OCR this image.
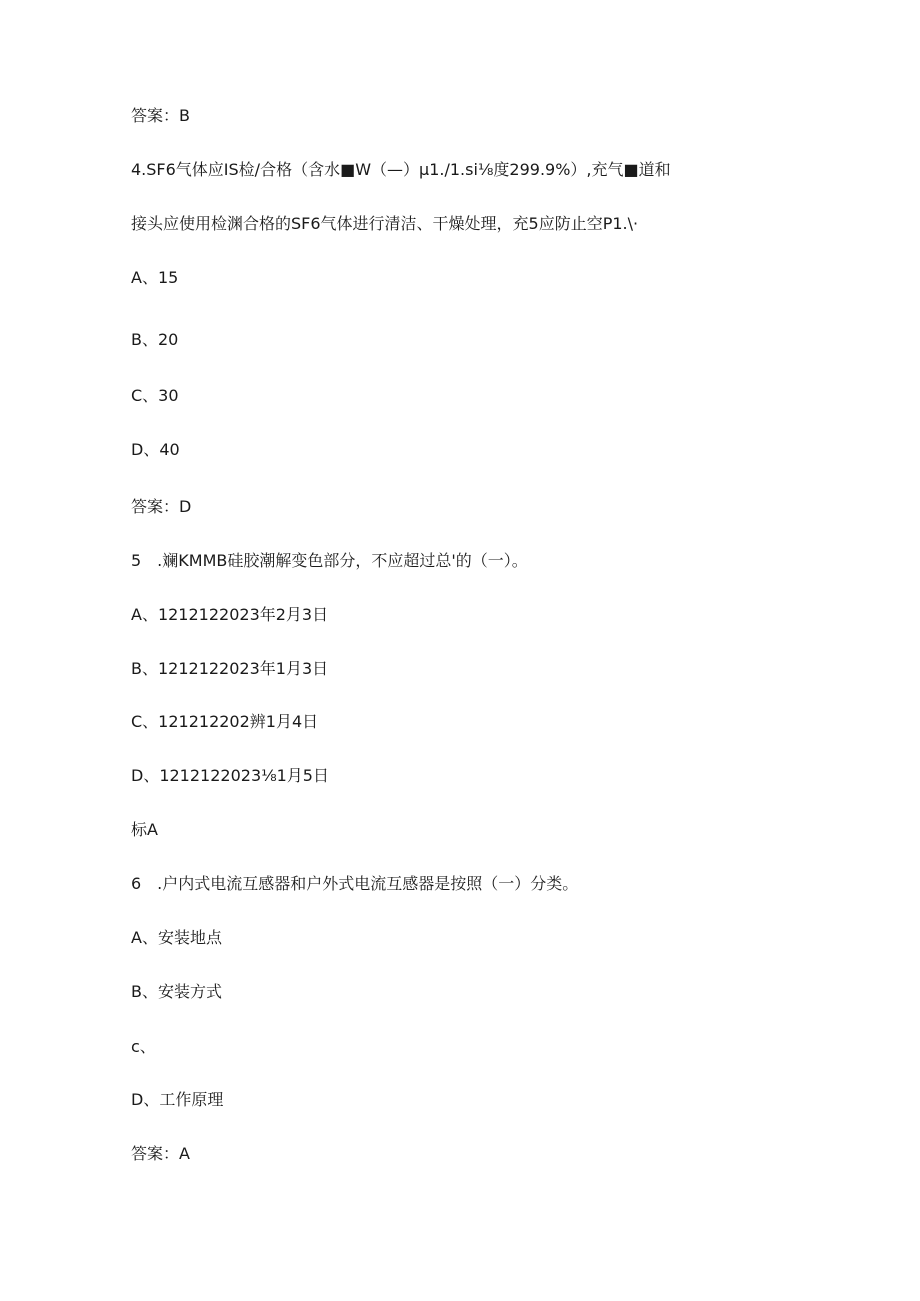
答案：B
4.SF6气体应IS检/合格（含水■W（—）µ1./1.si⅛度299.9%）,充气■道和
接头应使用检渊合格的SF6气体进行清洁、干燥处理，充5应防止空P1.\·
A、15
B、20
C、30
D、40
答案：D
5　.斓KMMB硅胶潮解变色部分，不应超过总'的（一）。
A、1212122023年2月3日
B、1212122023年1月3日
C、121212202辨1月4日
D、1212122023⅛1月5日
标A
6　.户内式电流互感器和户外式电流互感器是按照（一）分类。
A、安装地点
B、安装方式
c、
D、工作原理
答案：A
